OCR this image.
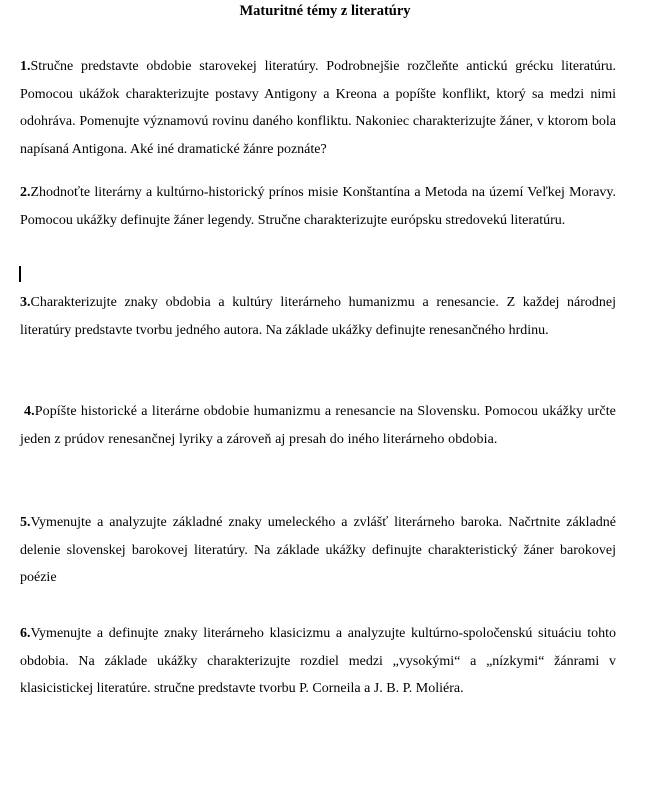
Maturitné témy z literatúry

1.Stručne predstavte obdobie starovekej literatúry. Podrobnejšie rozčleňte antickú grécku literatúru. Pomocou ukážok charakterizujte postavy Antigony a Kreona a popíšte konflikt, ktorý sa medzi nimi odohráva. Pomenujte významovú rovinu daného konfliktu. Nakoniec charakterizujte žáner, v ktorom bola napísaná Antigona. Aké iné dramatické žánre poznáte?

2.Zhodnoťte literárny a kultúrno-historický prínos misie Konštantína a Metoda na území Veľkej Moravy. Pomocou ukážky definujte žáner legendy. Stručne charakterizujte európsku stredovekú literatúru.

3.Charakterizujte znaky obdobia a kultúry literárneho humanizmu a renesancie. Z každej národnej literatúry predstavte tvorbu jedného autora. Na základe ukážky definujte renesančného hrdinu.

4.Popíšte historické a literárne obdobie humanizmu a renesancie na Slovensku. Pomocou ukážky určte jeden z prúdov renesančnej lyriky a zároveň aj presah do iného literárneho obdobia.

5.Vymenujte a analyzujte základné znaky umeleckého a zvlášť literárneho baroka. Načrtnite základné delenie slovenskej barokovej literatúry. Na základe ukážky definujte charakteristický žáner barokovej poézie

6.Vymenujte a definujte znaky literárneho klasicizmu a analyzujte kultúrno-spoločenskú situáciu tohto obdobia. Na základe ukážky charakterizujte rozdiel medzi „vysokými“ a „nízkymi“ žánrami v klasicistickej literatúre. stručne predstavte tvorbu P. Corneila a J. B. P. Moliéra.
